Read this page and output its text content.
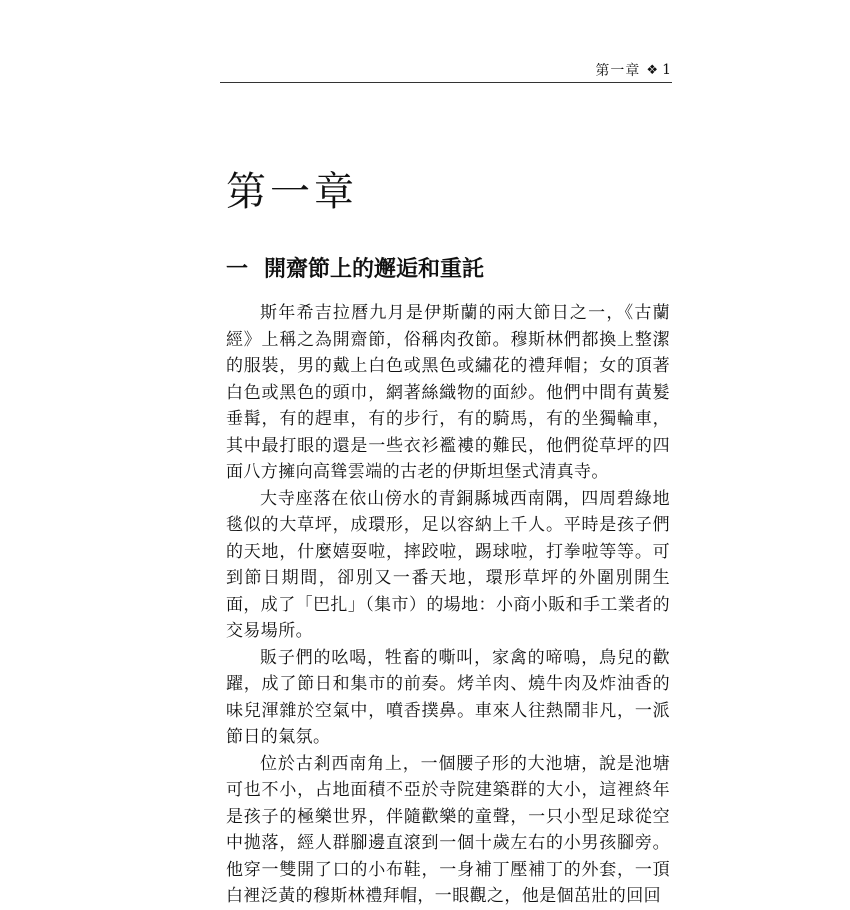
第一章 ❖ 1
第一章
一 開齋節上的邂逅和重託

斯年希吉拉曆九月是伊斯蘭的兩大節日之一，《古蘭經》上稱之為開齋節，俗稱肉孜節。穆斯林們都換上整潔的服裝，男的戴上白色或黑色或繡花的禮拜帽；女的頂著白色或黑色的頭巾，網著絲織物的面紗。他們中間有黃髮垂髯，有的趕車，有的步行，有的騎馬，有的坐獨輪車，其中最打眼的還是一些衣衫襤褸的難民，他們從草坪的四面八方擁向高聳雲端的古老的伊斯坦堡式清真寺。

大寺座落在依山傍水的青銅縣城西南隅，四周碧綠地毯似的大草坪，成環形，足以容納上千人。平時是孩子們的天地，什麼嬉耍啦，摔跤啦，踢球啦，打拳啦等等。可到節日期間，卻別又一番天地，環形草坪的外圍別開生面，成了「巴扎」（集市）的場地：小商小販和手工業者的交易場所。

販子們的吆喝，牲畜的嘶叫，家禽的啼鳴，鳥兒的歡躍，成了節日和集市的前奏。烤羊肉、燒牛肉及炸油香的味兒渾雜於空氣中，噴香撲鼻。車來人往熱鬧非凡，一派節日的氣氛。

位於古剎西南角上，一個腰子形的大池塘，說是池塘可也不小，占地面積不亞於寺院建築群的大小，這裡終年是孩子的極樂世界，伴隨歡樂的童聲，一只小型足球從空中拋落，經人群腳邊直滾到一個十歲左右的小男孩腳旁。他穿一雙開了口的小布鞋，一身補丁壓補丁的外套，一頂白裡泛黃的穆斯林禮拜帽，一眼觀之，他是個茁壯的回回
